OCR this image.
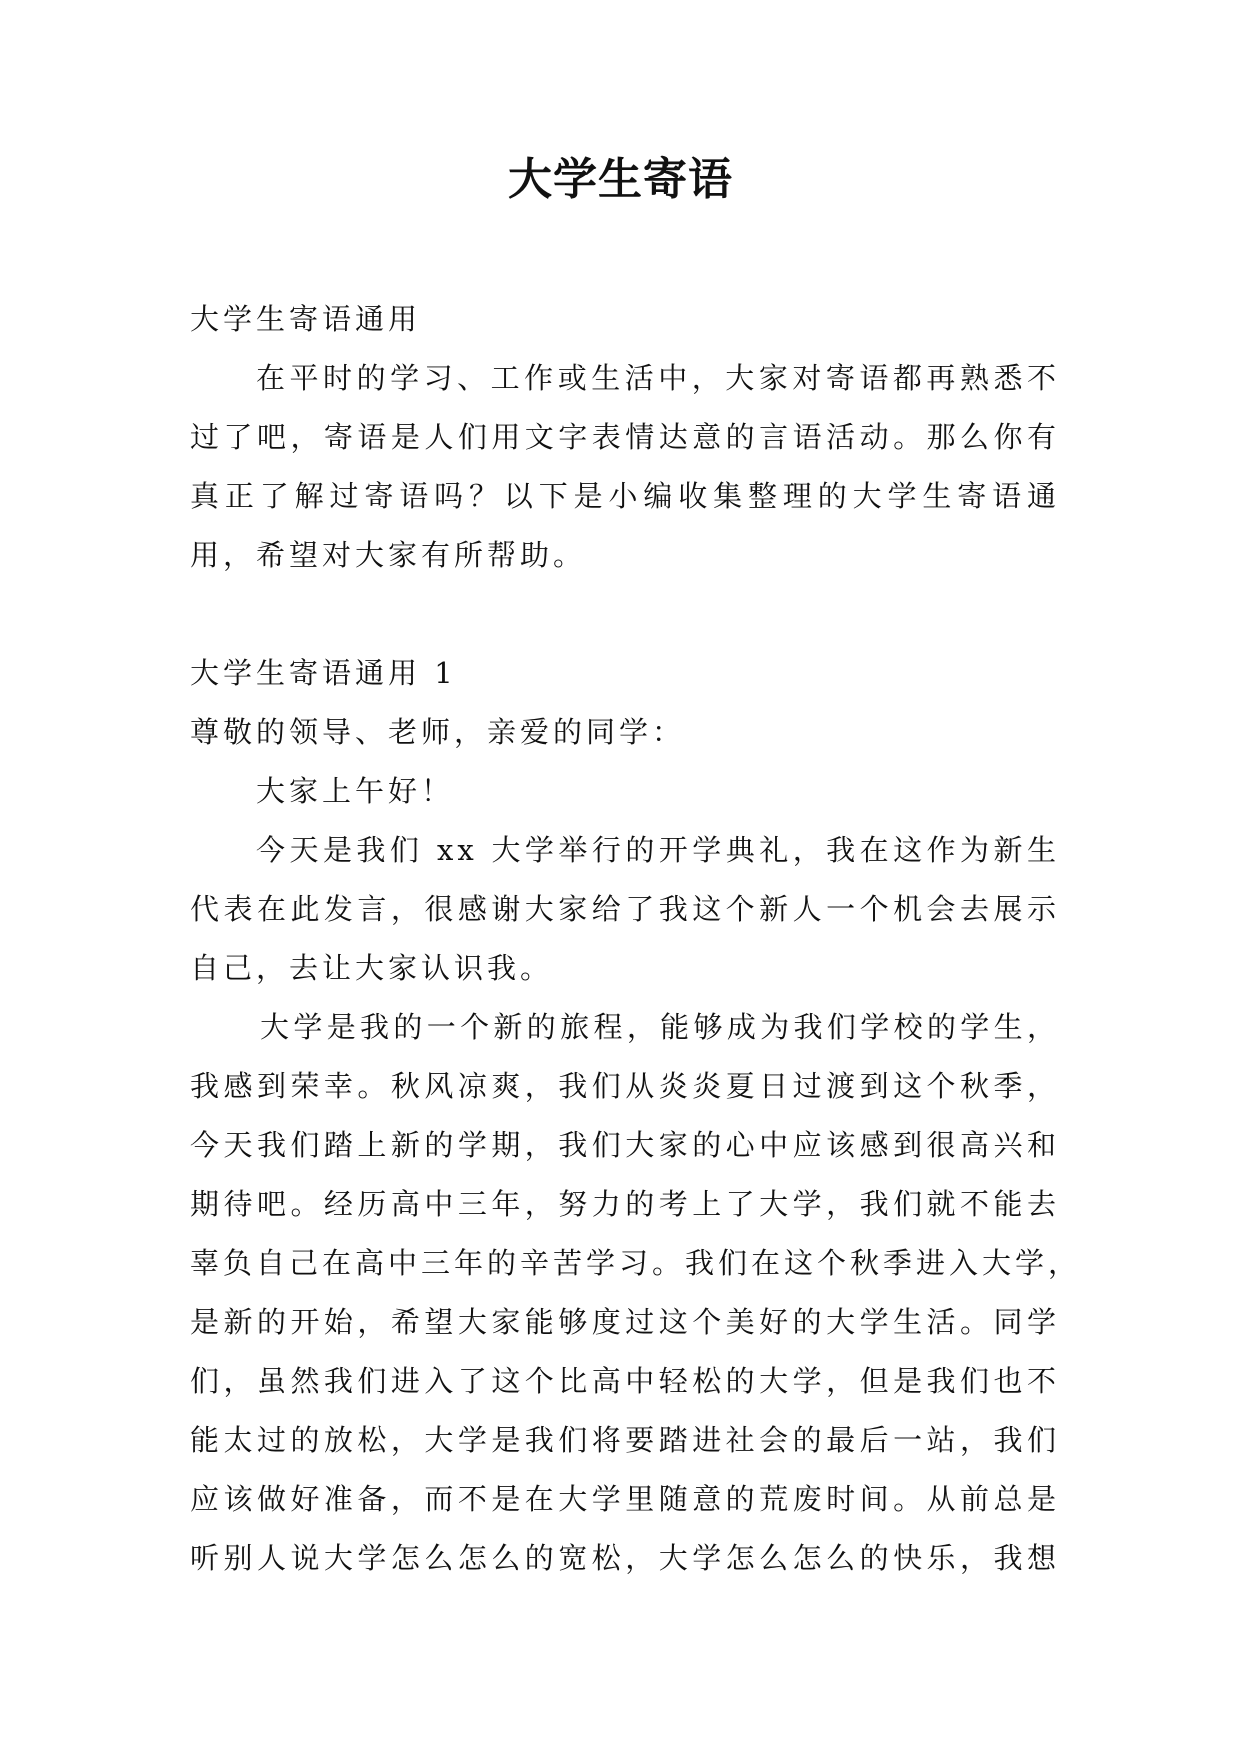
大学生寄语
大学生寄语通用
在平时的学习、工作或生活中，大家对寄语都再熟悉不
过了吧，寄语是人们用文字表情达意的言语活动。那么你有
真正了解过寄语吗？以下是小编收集整理的大学生寄语通
用，希望对大家有所帮助。
大学生寄语通用 1
尊敬的领导、老师，亲爱的同学：
大家上午好！
今天是我们 xx 大学举行的开学典礼，我在这作为新生
代表在此发言，很感谢大家给了我这个新人一个机会去展示
自己，去让大家认识我。
大学是我的一个新的旅程，能够成为我们学校的学生，
我感到荣幸。秋风凉爽，我们从炎炎夏日过渡到这个秋季，
今天我们踏上新的学期，我们大家的心中应该感到很高兴和
期待吧。经历高中三年，努力的考上了大学，我们就不能去
辜负自己在高中三年的辛苦学习。我们在这个秋季进入大学，
是新的开始，希望大家能够度过这个美好的大学生活。同学
们，虽然我们进入了这个比高中轻松的大学，但是我们也不
能太过的放松，大学是我们将要踏进社会的最后一站，我们
应该做好准备，而不是在大学里随意的荒废时间。从前总是
听别人说大学怎么怎么的宽松，大学怎么怎么的快乐，我想
